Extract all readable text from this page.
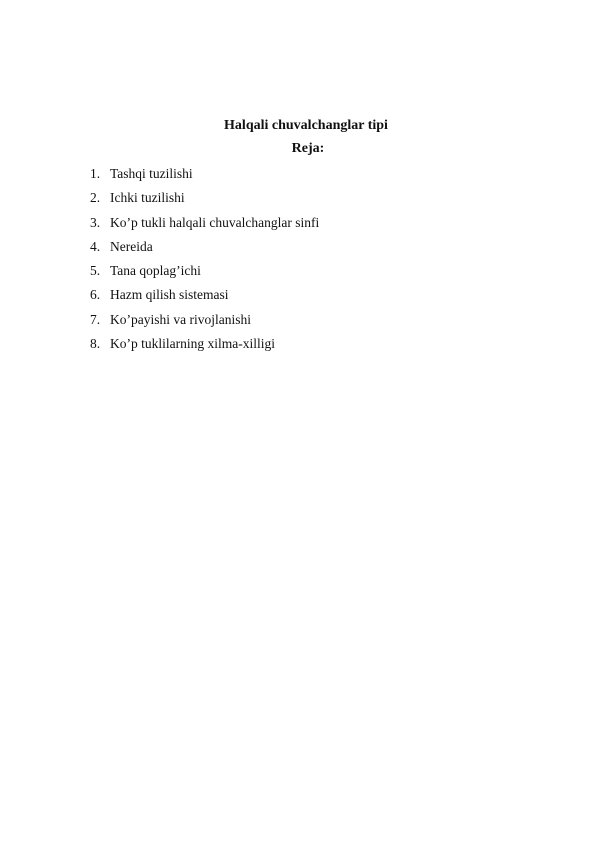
Halqali chuvalchanglar tipi
Reja:
1. Tashqi tuzilishi
2. Ichki tuzilishi
3. Ko’p tukli halqali chuvalchanglar sinfi
4. Nereida
5. Tana qoplag’ichi
6. Hazm qilish sistemasi
7. Ko’payishi va rivojlanishi
8. Ko’p tuklilarning xilma-xilligi
